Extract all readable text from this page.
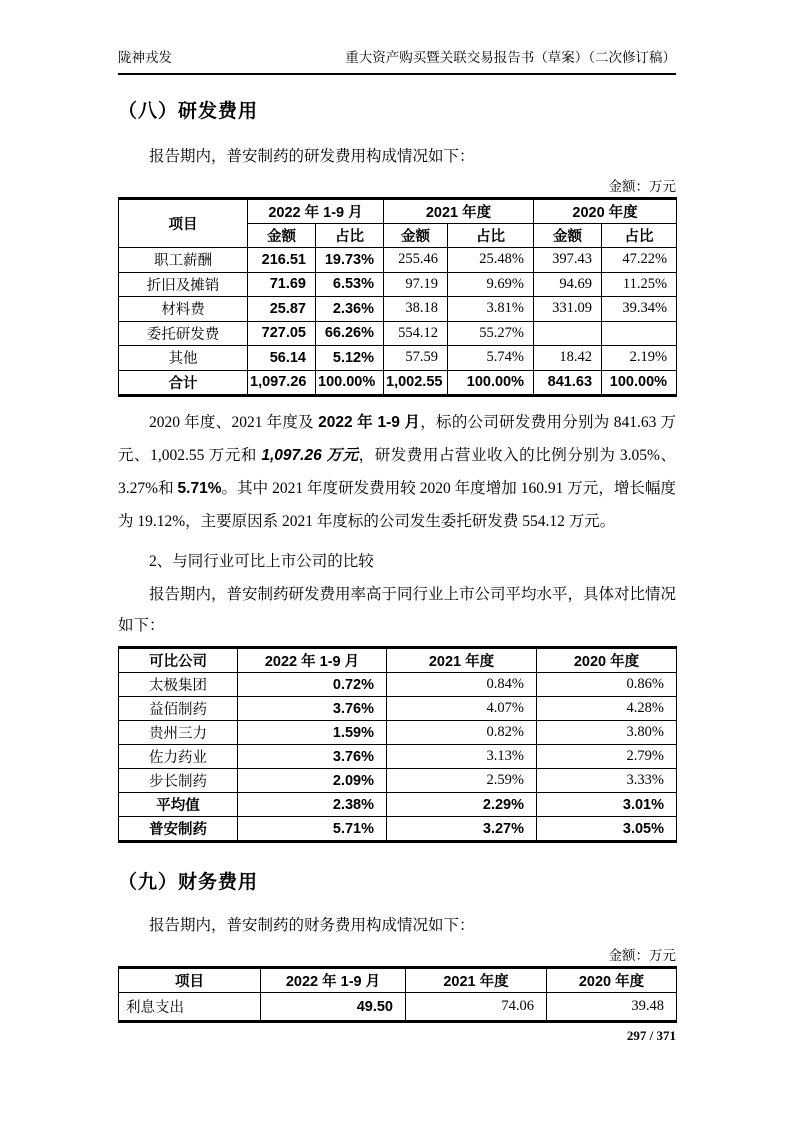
陇神戎发	重大资产购买暨关联交易报告书（草案）（二次修订稿）
（八）研发费用

报告期内，普安制药的研发费用构成情况如下：

金额：万元
项目	2022 年 1-9 月		2021 年度		2020 年度	
	金额	占比	金额	占比	金额	占比
职工薪酬	216.51	19.73%	255.46	25.48%	397.43	47.22%
折旧及摊销	71.69	6.53%	97.19	9.69%	94.69	11.25%
材料费	25.87	2.36%	38.18	3.81%	331.09	39.34%
委托研发费	727.05	66.26%	554.12	55.27%		
其他	56.14	5.12%	57.59	5.74%	18.42	2.19%
合计	1,097.26	100.00%	1,002.55	100.00%	841.63	100.00%

2020 年度、2021 年度及 2022 年 1-9 月，标的公司研发费用分别为 841.63 万元、1,002.55 万元和 1,097.26 万元，研发费用占营业收入的比例分别为 3.05%、3.27%和 5.71%。其中 2021 年度研发费用较 2020 年度增加 160.91 万元，增长幅度为 19.12%，主要原因系 2021 年度标的公司发生委托研发费 554.12 万元。

2、与同行业可比上市公司的比较

报告期内，普安制药研发费用率高于同行业上市公司平均水平，具体对比情况如下：

可比公司	2022 年 1-9 月	2021 年度	2020 年度
太极集团	0.72%	0.84%	0.86%
益佰制药	3.76%	4.07%	4.28%
贵州三力	1.59%	0.82%	3.80%
佐力药业	3.76%	3.13%	2.79%
步长制药	2.09%	2.59%	3.33%
平均值	2.38%	2.29%	3.01%
普安制药	5.71%	3.27%	3.05%
（九）财务费用

报告期内，普安制药的财务费用构成情况如下：

金额：万元
项目	2022 年 1-9 月	2021 年度	2020 年度
利息支出	49.50	74.06	39.48
297 / 371
